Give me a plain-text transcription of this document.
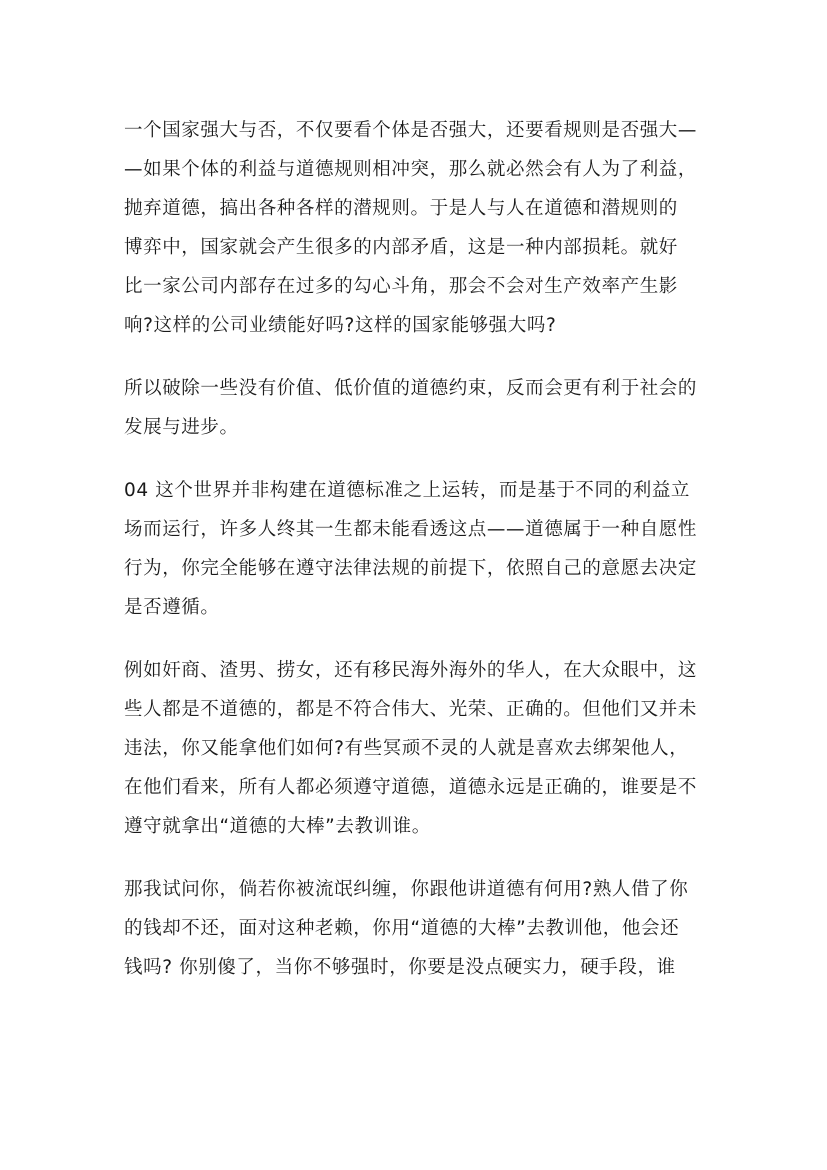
一个国家强大与否，不仅要看个体是否强大，还要看规则是否强大—
—如果个体的利益与道德规则相冲突，那么就必然会有人为了利益，
抛弃道德，搞出各种各样的潜规则。于是人与人在道德和潜规则的
博弈中，国家就会产生很多的内部矛盾，这是一种内部损耗。就好
比一家公司内部存在过多的勾心斗角，那会不会对生产效率产生影
响?这样的公司业绩能好吗?这样的国家能够强大吗?

所以破除一些没有价值、低价值的道德约束，反而会更有利于社会的
发展与进步。

04 这个世界并非构建在道德标准之上运转，而是基于不同的利益立
场而运行，许多人终其一生都未能看透这点——道德属于一种自愿性
行为，你完全能够在遵守法律法规的前提下，依照自己的意愿去决定
是否遵循。

例如奸商、渣男、捞女，还有移民海外海外的华人，在大众眼中，这
些人都是不道德的，都是不符合伟大、光荣、正确的。但他们又并未
违法，你又能拿他们如何?有些冥顽不灵的人就是喜欢去绑架他人，
在他们看来，所有人都必须遵守道德，道德永远是正确的，谁要是不
遵守就拿出“道德的大棒”去教训谁。

那我试问你，倘若你被流氓纠缠，你跟他讲道德有何用?熟人借了你
的钱却不还，面对这种老赖，你用“道德的大棒”去教训他，他会还
钱吗? 你别傻了，当你不够强时，你要是没点硬实力，硬手段，谁
